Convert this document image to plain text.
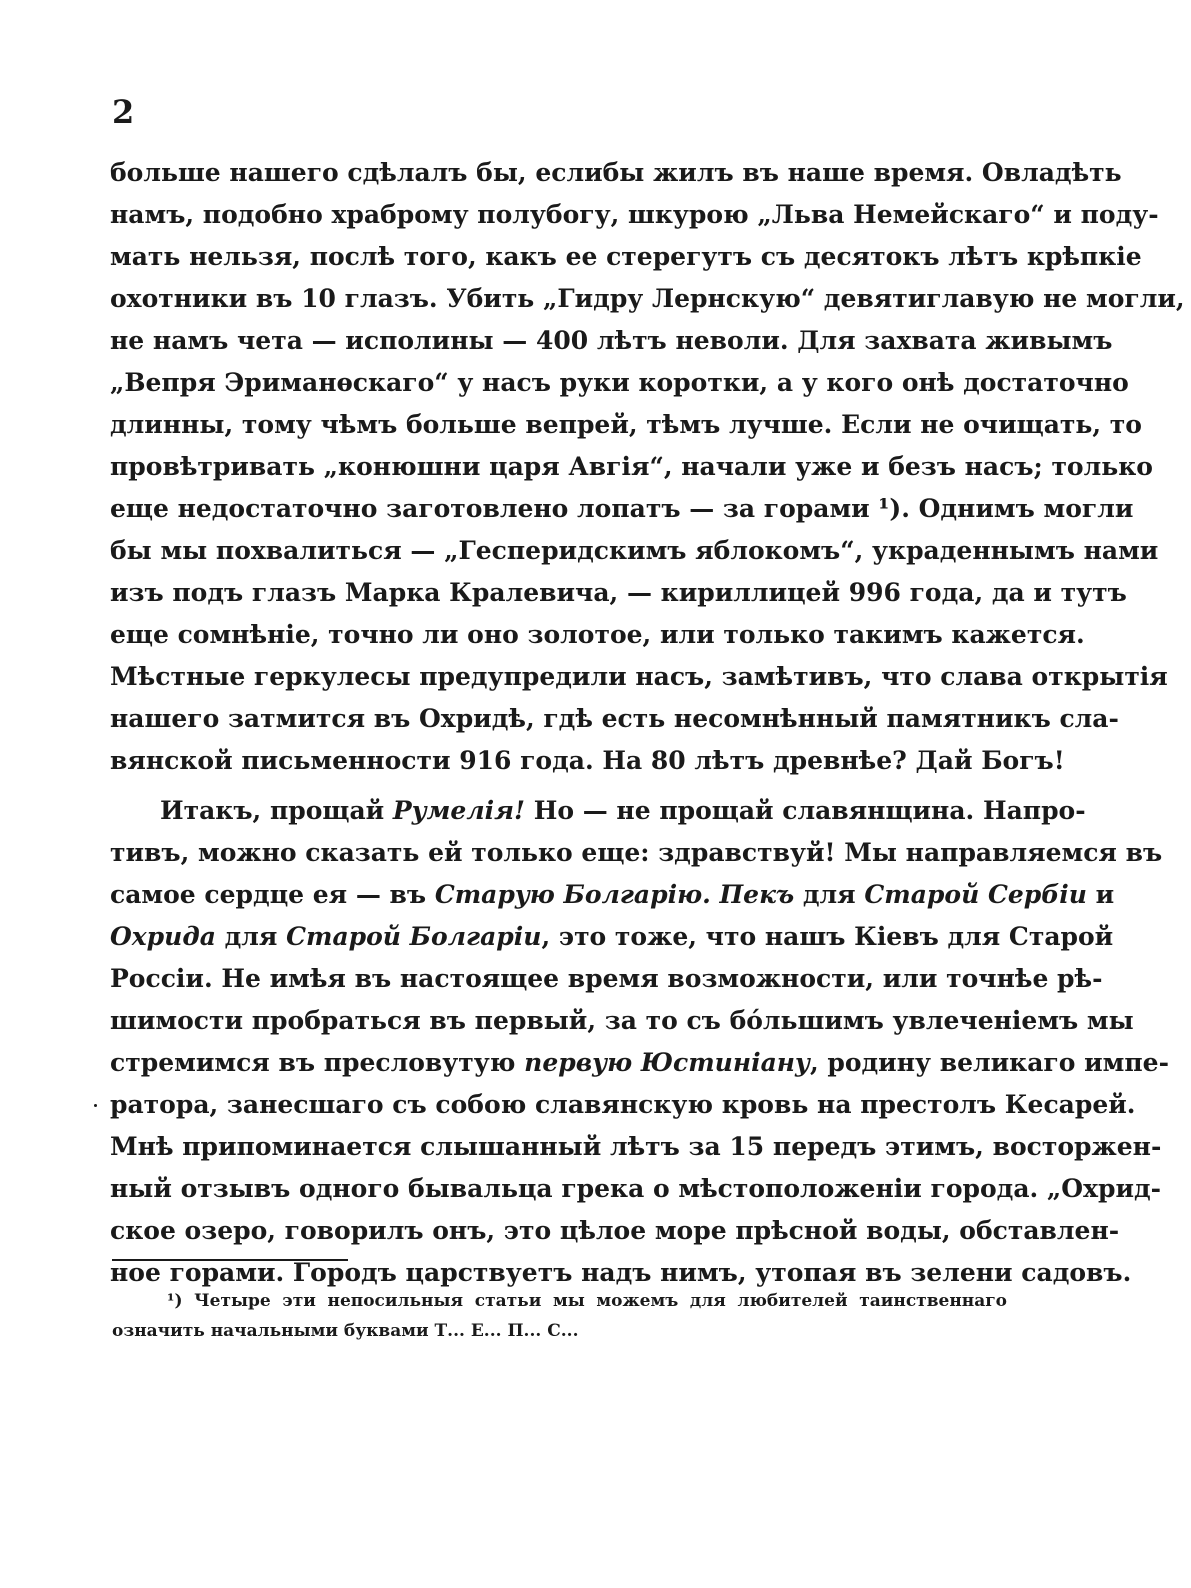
2
больше нашего сдѣлалъ бы, еслибы жилъ въ наше время. Овладѣть
намъ, подобно храброму полубогу, шкурою „Льва Немейскаго“ и поду-
мать нельзя, послѣ того, какъ ее стерегутъ съ десятокъ лѣтъ крѣпкіе
охотники въ 10 глазъ. Убить „Гидру Лернскую“ девятиглавую не могли,
не намъ чета — исполины — 400 лѣтъ неволи. Для захвата живымъ
„Вепря Эриманѳскаго“ у насъ руки коротки, а у кого онѣ достаточно
длинны, тому чѣмъ больше вепрей, тѣмъ лучше. Если не очищать, то
провѣтривать „конюшни царя Авгія“, начали уже и безъ насъ; только
еще недостаточно заготовлено лопатъ — за горами ¹). Однимъ могли
бы мы похвалиться — „Гесперидскимъ яблокомъ“, украденнымъ нами
изъ подъ глазъ Марка Кралевича, — кириллицей 996 года, да и тутъ
еще сомнѣніе, точно ли оно золотое, или только такимъ кажется.
Мѣстные геркулесы предупредили насъ, замѣтивъ, что слава открытія
нашего затмится въ Охридѣ, гдѣ есть несомнѣнный памятникъ сла-
вянской письменности 916 года. На 80 лѣтъ древнѣе? Дай Богъ!
Итакъ, прощай Румелія! Но — не прощай славянщина. Напро-
тивъ, можно сказать ей только еще: здравствуй! Мы направляемся въ
самое сердце ея — въ Старую Болгарію. Пекъ для Старой Сербіи и
Охрида для Старой Болгаріи, это тоже, что нашъ Кіевъ для Старой
Россіи. Не имѣя въ настоящее время возможности, или точнѣе рѣ-
шимости пробраться въ первый, за то съ бóльшимъ увлеченіемъ мы
стремимся въ пресловутую первую Юстиніану, родину великаго импе-
ратора, занесшаго съ собою славянскую кровь на престолъ Кесарей.
Мнѣ припоминается слышанный лѣтъ за 15 передъ этимъ, восторжен-
ный отзывъ одного бывальца грека о мѣстоположеніи города. „Охрид-
ское озеро, говорилъ онъ, это цѣлое море прѣсной воды, обставлен-
ное горами. Городъ царствуетъ надъ нимъ, утопая въ зелени садовъ.
¹) Четыре эти непосильныя статьи мы можемъ для любителей таинственнаго
означить начальными буквами Т... Е... П... С...
